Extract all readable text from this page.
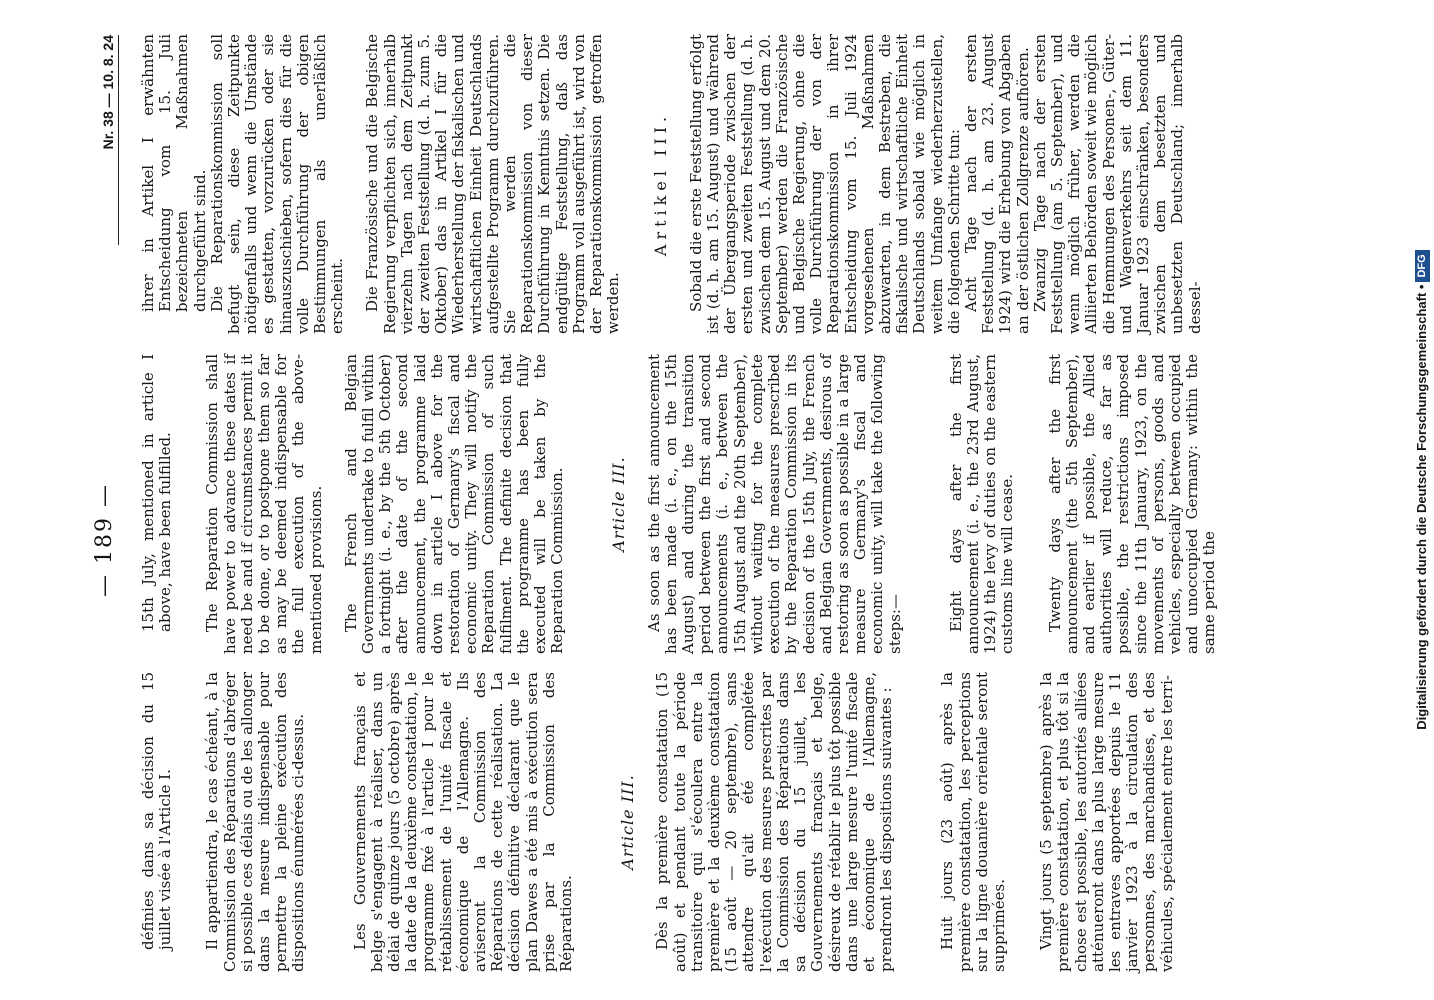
— 189 —
Nr. 38 — 10. 8. 24

définies dans sa décision du 15 juillet visée à l'Article I. Il appartiendra, le cas échéant, à la Commission des Réparations d'abréger si possible ces délais ou de les allonger dans la mesure indispensable pour permettre la pleine exécution des dispositions énumérées ci-dessus.	Les Gouvernements français et belge s'engagent à réaliser, dans un délai de quinze jours (5 octobre) après la date de la deuxième constatation, le programme fixé à l'article I pour le rétablissement de l'unité fiscale et économique de l'Allemagne. Ils aviseront la Commission des Réparations de cette réalisation. La décision définitive déclarant que le plan Dawes a été mis à exécution sera prise par la Commission des Réparations.

Article III. Dès la première constatation (15 août) et pendant toute la période transitoire qui s'écoulera entre la première et la deuxième constatation (15 août — 20 septembre), sans attendre qu'ait été complétée l'exécution des mesures prescrites par la Commission des Réparations dans sa décision du 15 juillet, les Gouvernements français et belge, désireux de rétablir le plus tôt possible dans une large mesure l'unité fiscale et économique de l'Allemagne, prendront les dispositions suivantes :	Huit jours (23 août) après la première constatation, les perceptions sur la ligne douanière orientale seront supprimées. Vingt jours (5 septembre) après la première constatation, et plus tôt si la chose est possible, les autorités alliées atténueront dans la plus large mesure les entraves apportées depuis le 11 janvier 1923 à la circulation des personnes, des marchandises, et des véhicules, spécialement entre les terri-

15th July, mentioned in article I above, have been fulfilled. The Reparation Commission shall have power to advance these dates if need be and if circumstances permit it to be done, or to postpone them so far as may be deemed indispensable for the full execution of the above-mentioned provisions. The French and Belgian Governments undertake to fulfil within a fortnight (i. e., by the 5th October) after the date of the second announcement, the programme laid down in article I above for the restoration of Germany's fiscal and economic unity. They will notify the Reparation Commission of such fulfilment. The definite decision that the programme has been fully executed will be taken by the Reparation Commission.	Article III. As soon as the first announcement has been made (i. e., on the 15th August) and during the transition period between the first and second announcements (i. e., between the 15th August and the 20th September), without waiting for the complete execution of the measures prescribed by the Reparation Commission in its decision of the 15th July, the French and Belgian Governments, desirous of restoring as soon as possible in a large measure Germany's fiscal and economic unity, will take the following steps:—	Eight days after the first announcement (i. e., the 23rd August, 1924) the levy of duties on the eastern customs line will cease. Twenty days after the first announcement (the 5th September), and earlier if possible, the Allied authorities will reduce, as far as possible, the restrictions imposed since the 11th January, 1923, on the movements of persons, goods and vehicles, especially between occupied and unoccupied Germany: within the same period the

ihrer in Artikel I erwähnten Entscheidung vom 15. Juli bezeichneten Maßnahmen durchgeführt sind. Die Reparationskommission soll befugt sein, diese Zeitpunkte nötigenfalls und wenn die Umstände es gestatten, vorzurücken oder sie hinauszuschieben, sofern dies für die volle Durchführung der obigen Bestimmungen als unerläßlich erscheint. Die Französische und die Belgische Regierung verpflichten sich, innerhalb vierzehn Tagen nach dem Zeitpunkt der zweiten Feststellung (d. h. zum 5. Oktober) das in Artikel I für die Wiederherstellung der fiskalischen und wirtschaftlichen Einheit Deutschlands aufgestellte Programm durchzuführen. Sie werden die Reparationskommission von dieser Durchführung in Kenntnis setzen. Die endgültige Feststellung, daß das Programm voll ausgeführt ist, wird von der Reparationskommission getroffen werden.

Artikel III. Sobald die erste Feststellung erfolgt ist (d. h. am 15. August) und während der Übergangsperiode zwischen der ersten und zweiten Feststellung (d. h. zwischen dem 15. August und dem 20. September) werden die Französische und Belgische Regierung, ohne die volle Durchführung der von der Reparationskommission in ihrer Entscheidung vom 15. Juli 1924 vorgesehenen Maßnahmen abzuwarten, in dem Bestreben, die fiskalische und wirtschaftliche Einheit Deutschlands sobald wie möglich in weitem Umfange wiederherzustellen, die folgenden Schritte tun: Acht Tage nach der ersten Feststellung (d. h. am 23. August 1924) wird die Erhebung von Abgaben an der östlichen Zollgrenze aufhören. Zwanzig Tage nach der ersten Feststellung (am 5. September), und wenn möglich früher, werden die Alliierten Behörden soweit wie möglich die Hemmungen des Personen-, Güter- und Wagenverkehrs seit dem 11. Januar 1923 einschränken, besonders zwischen dem besetzten und unbesetzten Deutschland; innerhalb dessel-	Digitalisierung gefördert durch die Deutsche Forschungsgemeinschaft •DFG
